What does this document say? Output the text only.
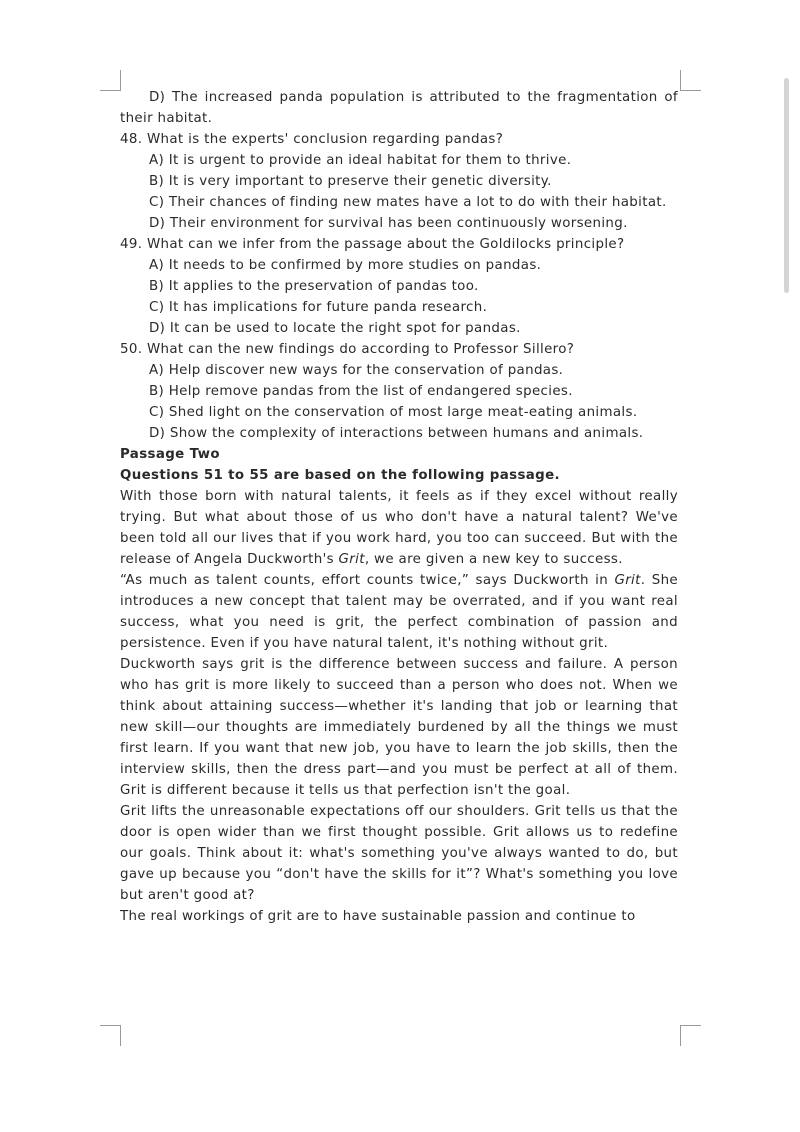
D) The increased panda population is attributed to the fragmentation of their habitat.

48. What is the experts' conclusion regarding pandas?

A) It is urgent to provide an ideal habitat for them to thrive.

B) It is very important to preserve their genetic diversity.

C) Their chances of finding new mates have a lot to do with their habitat.

D) Their environment for survival has been continuously worsening.

49. What can we infer from the passage about the Goldilocks principle?

A) It needs to be confirmed by more studies on pandas.

B) It applies to the preservation of pandas too.

C) It has implications for future panda research.

D) It can be used to locate the right spot for pandas.

50. What can the new findings do according to Professor Sillero?

A) Help discover new ways for the conservation of pandas.

B) Help remove pandas from the list of endangered species.

C) Shed light on the conservation of most large meat-eating animals.

D) Show the complexity of interactions between humans and animals.

Passage Two

Questions 51 to 55 are based on the following passage.

With those born with natural talents, it feels as if they excel without really trying. But what about those of us who don't have a natural talent? We've been told all our lives that if you work hard, you too can succeed. But with the release of Angela Duckworth's Grit, we are given a new key to success.

“As much as talent counts, effort counts twice,” says Duckworth in Grit. She introduces a new concept that talent may be overrated, and if you want real success, what you need is grit, the perfect combination of passion and persistence. Even if you have natural talent, it's nothing without grit.

Duckworth says grit is the difference between success and failure. A person who has grit is more likely to succeed than a person who does not. When we think about attaining success—whether it's landing that job or learning that new skill—our thoughts are immediately burdened by all the things we must first learn. If you want that new job, you have to learn the job skills, then the interview skills, then the dress part—and you must be perfect at all of them. Grit is different because it tells us that perfection isn't the goal.

Grit lifts the unreasonable expectations off our shoulders. Grit tells us that the door is open wider than we first thought possible. Grit allows us to redefine our goals. Think about it: what's something you've always wanted to do, but gave up because you “don't have the skills for it”? What's something you love but aren't good at?

The real workings of grit are to have sustainable passion and continue to
